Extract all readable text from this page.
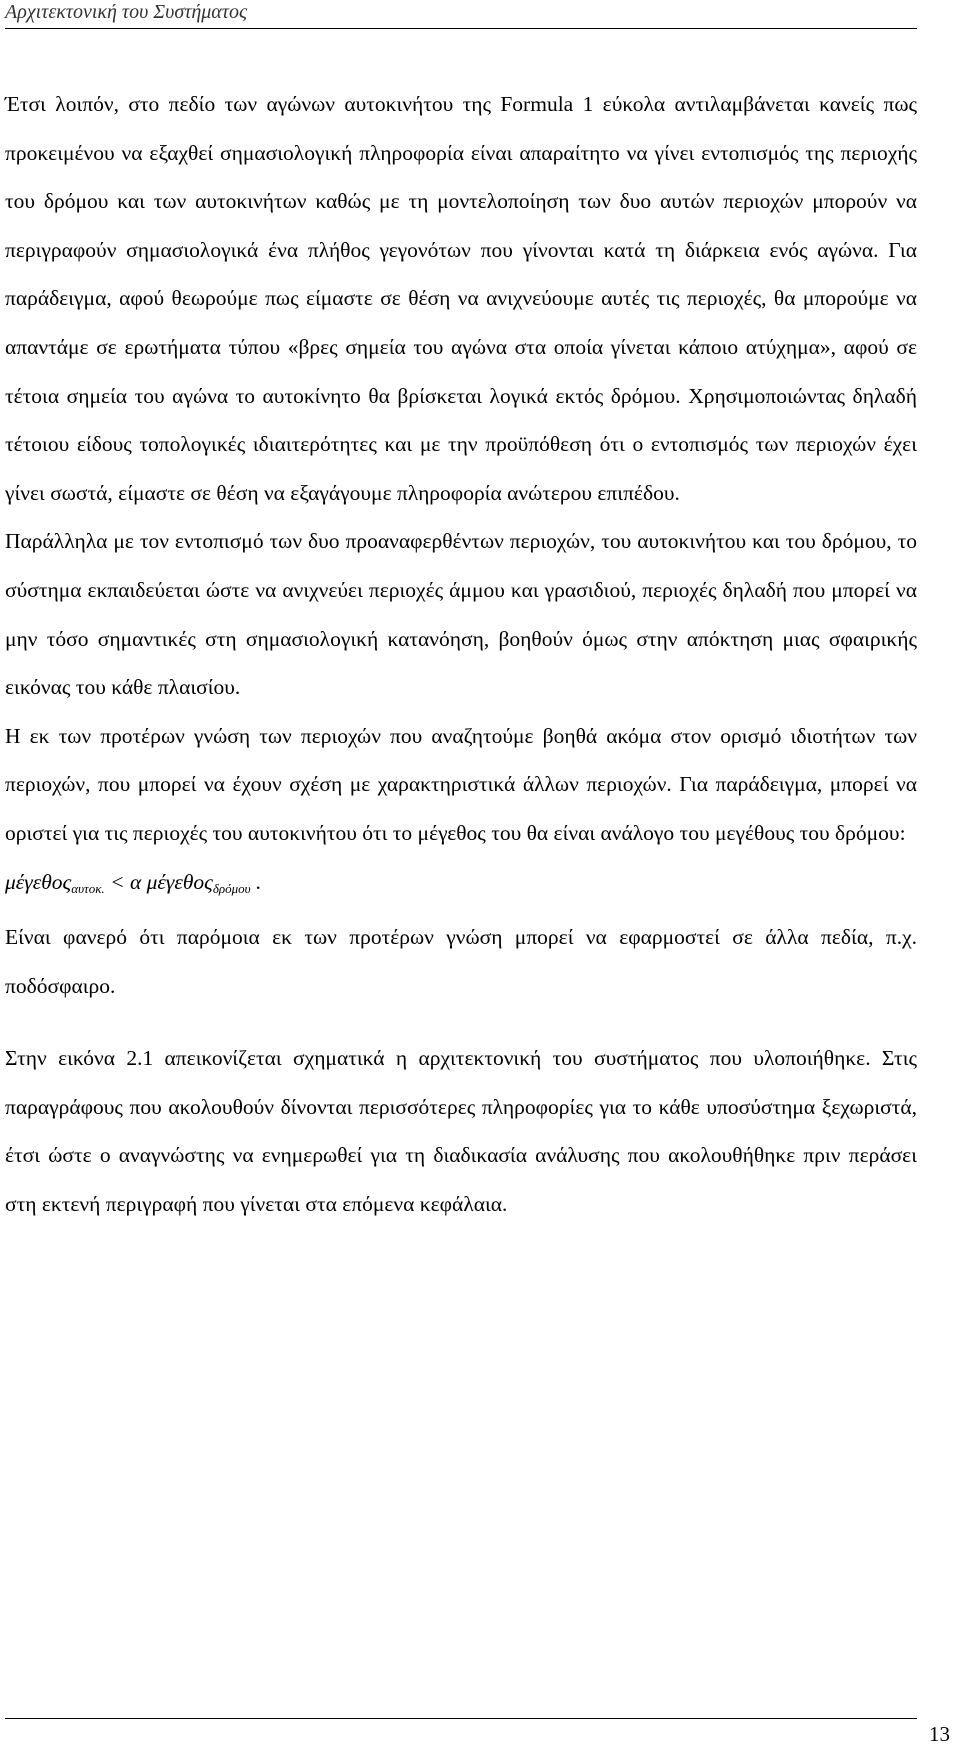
Αρχιτεκτονική του Συστήματος

Έτσι λοιπόν, στο πεδίο των αγώνων αυτοκινήτου της Formula 1 εύκολα αντιλαμβάνεται κανείς πως προκειμένου να εξαχθεί σημασιολογική πληροφορία είναι απαραίτητο να γίνει εντοπισμός της περιοχής του δρόμου και των αυτοκινήτων καθώς με τη μοντελοποίηση των δυο αυτών περιοχών μπορούν να περιγραφούν σημασιολογικά ένα πλήθος γεγονότων που γίνονται κατά τη διάρκεια ενός αγώνα. Για παράδειγμα, αφού θεωρούμε πως είμαστε σε θέση να ανιχνεύουμε αυτές τις περιοχές, θα μπορούμε να απαντάμε σε ερωτήματα τύπου «βρες σημεία του αγώνα στα οποία γίνεται κάποιο ατύχημα», αφού σε τέτοια σημεία του αγώνα το αυτοκίνητο θα βρίσκεται λογικά εκτός δρόμου. Χρησιμοποιώντας δηλαδή τέτοιου είδους τοπολογικές ιδιαιτερότητες και με την προϋπόθεση ότι ο εντοπισμός των περιοχών έχει γίνει σωστά, είμαστε σε θέση να εξαγάγουμε πληροφορία ανώτερου επιπέδου.

Παράλληλα με τον εντοπισμό των δυο προαναφερθέντων περιοχών, του αυτοκινήτου και του δρόμου, το σύστημα εκπαιδεύεται ώστε να ανιχνεύει περιοχές άμμου και γρασιδιού, περιοχές δηλαδή που μπορεί να μην τόσο σημαντικές στη σημασιολογική κατανόηση, βοηθούν όμως στην απόκτηση μιας σφαιρικής εικόνας του κάθε πλαισίου.

Η εκ των προτέρων γνώση των περιοχών που αναζητούμε βοηθά ακόμα στον ορισμό ιδιοτήτων των περιοχών, που μπορεί να έχουν σχέση με χαρακτηριστικά άλλων περιοχών. Για παράδειγμα, μπορεί να οριστεί για τις περιοχές του αυτοκινήτου ότι το μέγεθος του θα είναι ανάλογο του μεγέθους του δρόμου:

μέγεθος$_{\alpha\upsilon\tau o\kappa.}$ < α μέγεθος$_{\delta\rho ό\mu o\upsilon}$ .

Είναι φανερό ότι παρόμοια εκ των προτέρων γνώση μπορεί να εφαρμοστεί σε άλλα πεδία, π.χ. ποδόσφαιρο.

Στην εικόνα 2.1 απεικονίζεται σχηματικά η αρχιτεκτονική του συστήματος που υλοποιήθηκε. Στις παραγράφους που ακολουθούν δίνονται περισσότερες πληροφορίες για το κάθε υποσύστημα ξεχωριστά, έτσι ώστε ο αναγνώστης να ενημερωθεί για τη διαδικασία ανάλυσης που ακολουθήθηκε πριν περάσει στη εκτενή περιγραφή που γίνεται στα επόμενα κεφάλαια.

13
